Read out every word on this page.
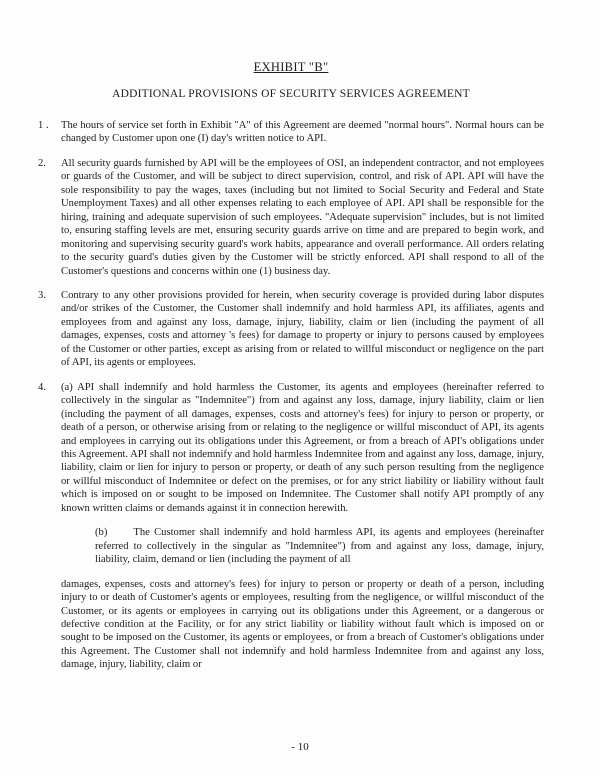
EXHIBIT "B"
ADDITIONAL PROVISIONS OF SECURITY SERVICES AGREEMENT
1 .	The hours of service set forth in Exhibit "A" of this Agreement are deemed "normal hours". Normal hours can be changed by Customer upon one (I) day's written notice to API.
2.	All security guards furnished by API will be the employees of OSI, an independent contractor, and not employees or guards of the Customer, and will be subject to direct supervision, control, and risk of API. API will have the sole responsibility to pay the wages, taxes (including but not limited to Social Security and Federal and State Unemployment Taxes) and all other expenses relating to each employee of API. API shall be responsible for the hiring, training and adequate supervision of such employees. "Adequate supervision" includes, but is not limited to, ensuring staffing levels are met, ensuring security guards arrive on time and are prepared to begin work, and monitoring and supervising security guard's work habits, appearance and overall performance. All orders relating to the security guard's duties given by the Customer will be strictly enforced. API shall respond to all of the Customer's questions and concerns within one (1) business day.
3.	Contrary to any other provisions provided for herein, when security coverage is provided during labor disputes and/or strikes of the Customer, the Customer shall indemnify and hold harmless API, its affiliates, agents and employees from and against any loss, damage, injury, liability, claim or lien (including the payment of all damages, expenses, costs and attorney 's fees) for damage to property or injury to persons caused by employees of the Customer or other parties, except as arising from or related to willful misconduct or negligence on the part of API, its agents or employees.
4.	(a) API shall indemnify and hold harmless the Customer, its agents and employees (hereinafter referred to collectively in the singular as "Indemnitee") from and against any loss, damage, injury liability, claim or lien (including the payment of all damages, expenses, costs and attorney's fees) for injury to person or property, or death of a person, or otherwise arising from or relating to the negligence or willful misconduct of API, its agents and employees in carrying out its obligations under this Agreement, or from a breach of API's obligations under this Agreement. API shall not indemnify and hold harmless Indemnitee from and against any loss, damage, injury, liability, claim or lien for injury to person or property, or death of any such person resulting from the negligence or willful misconduct of Indemnitee or defect on the premises, or for any strict liability or liability without fault which is imposed on or sought to be imposed on Indemnitee. The Customer shall notify API promptly of any known written claims or demands against it in connection herewith.
(b) The Customer shall indemnify and hold harmless API, its agents and employees (hereinafter referred to collectively in the singular as "Indemnitee") from and against any loss, damage, injury, liability, claim, demand or lien (including the payment of all
damages, expenses, costs and attorney's fees) for injury to person or property or death of a person, including injury to or death of Customer's agents or employees, resulting from the negligence, or willful misconduct of the Customer, or its agents or employees in carrying out its obligations under this Agreement, or a dangerous or defective condition at the Facility, or for any strict liability or liability without fault which is imposed on or sought to be imposed on the Customer, its agents or employees, or from a breach of Customer's obligations under this Agreement. The Customer shall not indemnify and hold harmless Indemnitee from and against any loss, damage, injury, liability, claim or
- 10
